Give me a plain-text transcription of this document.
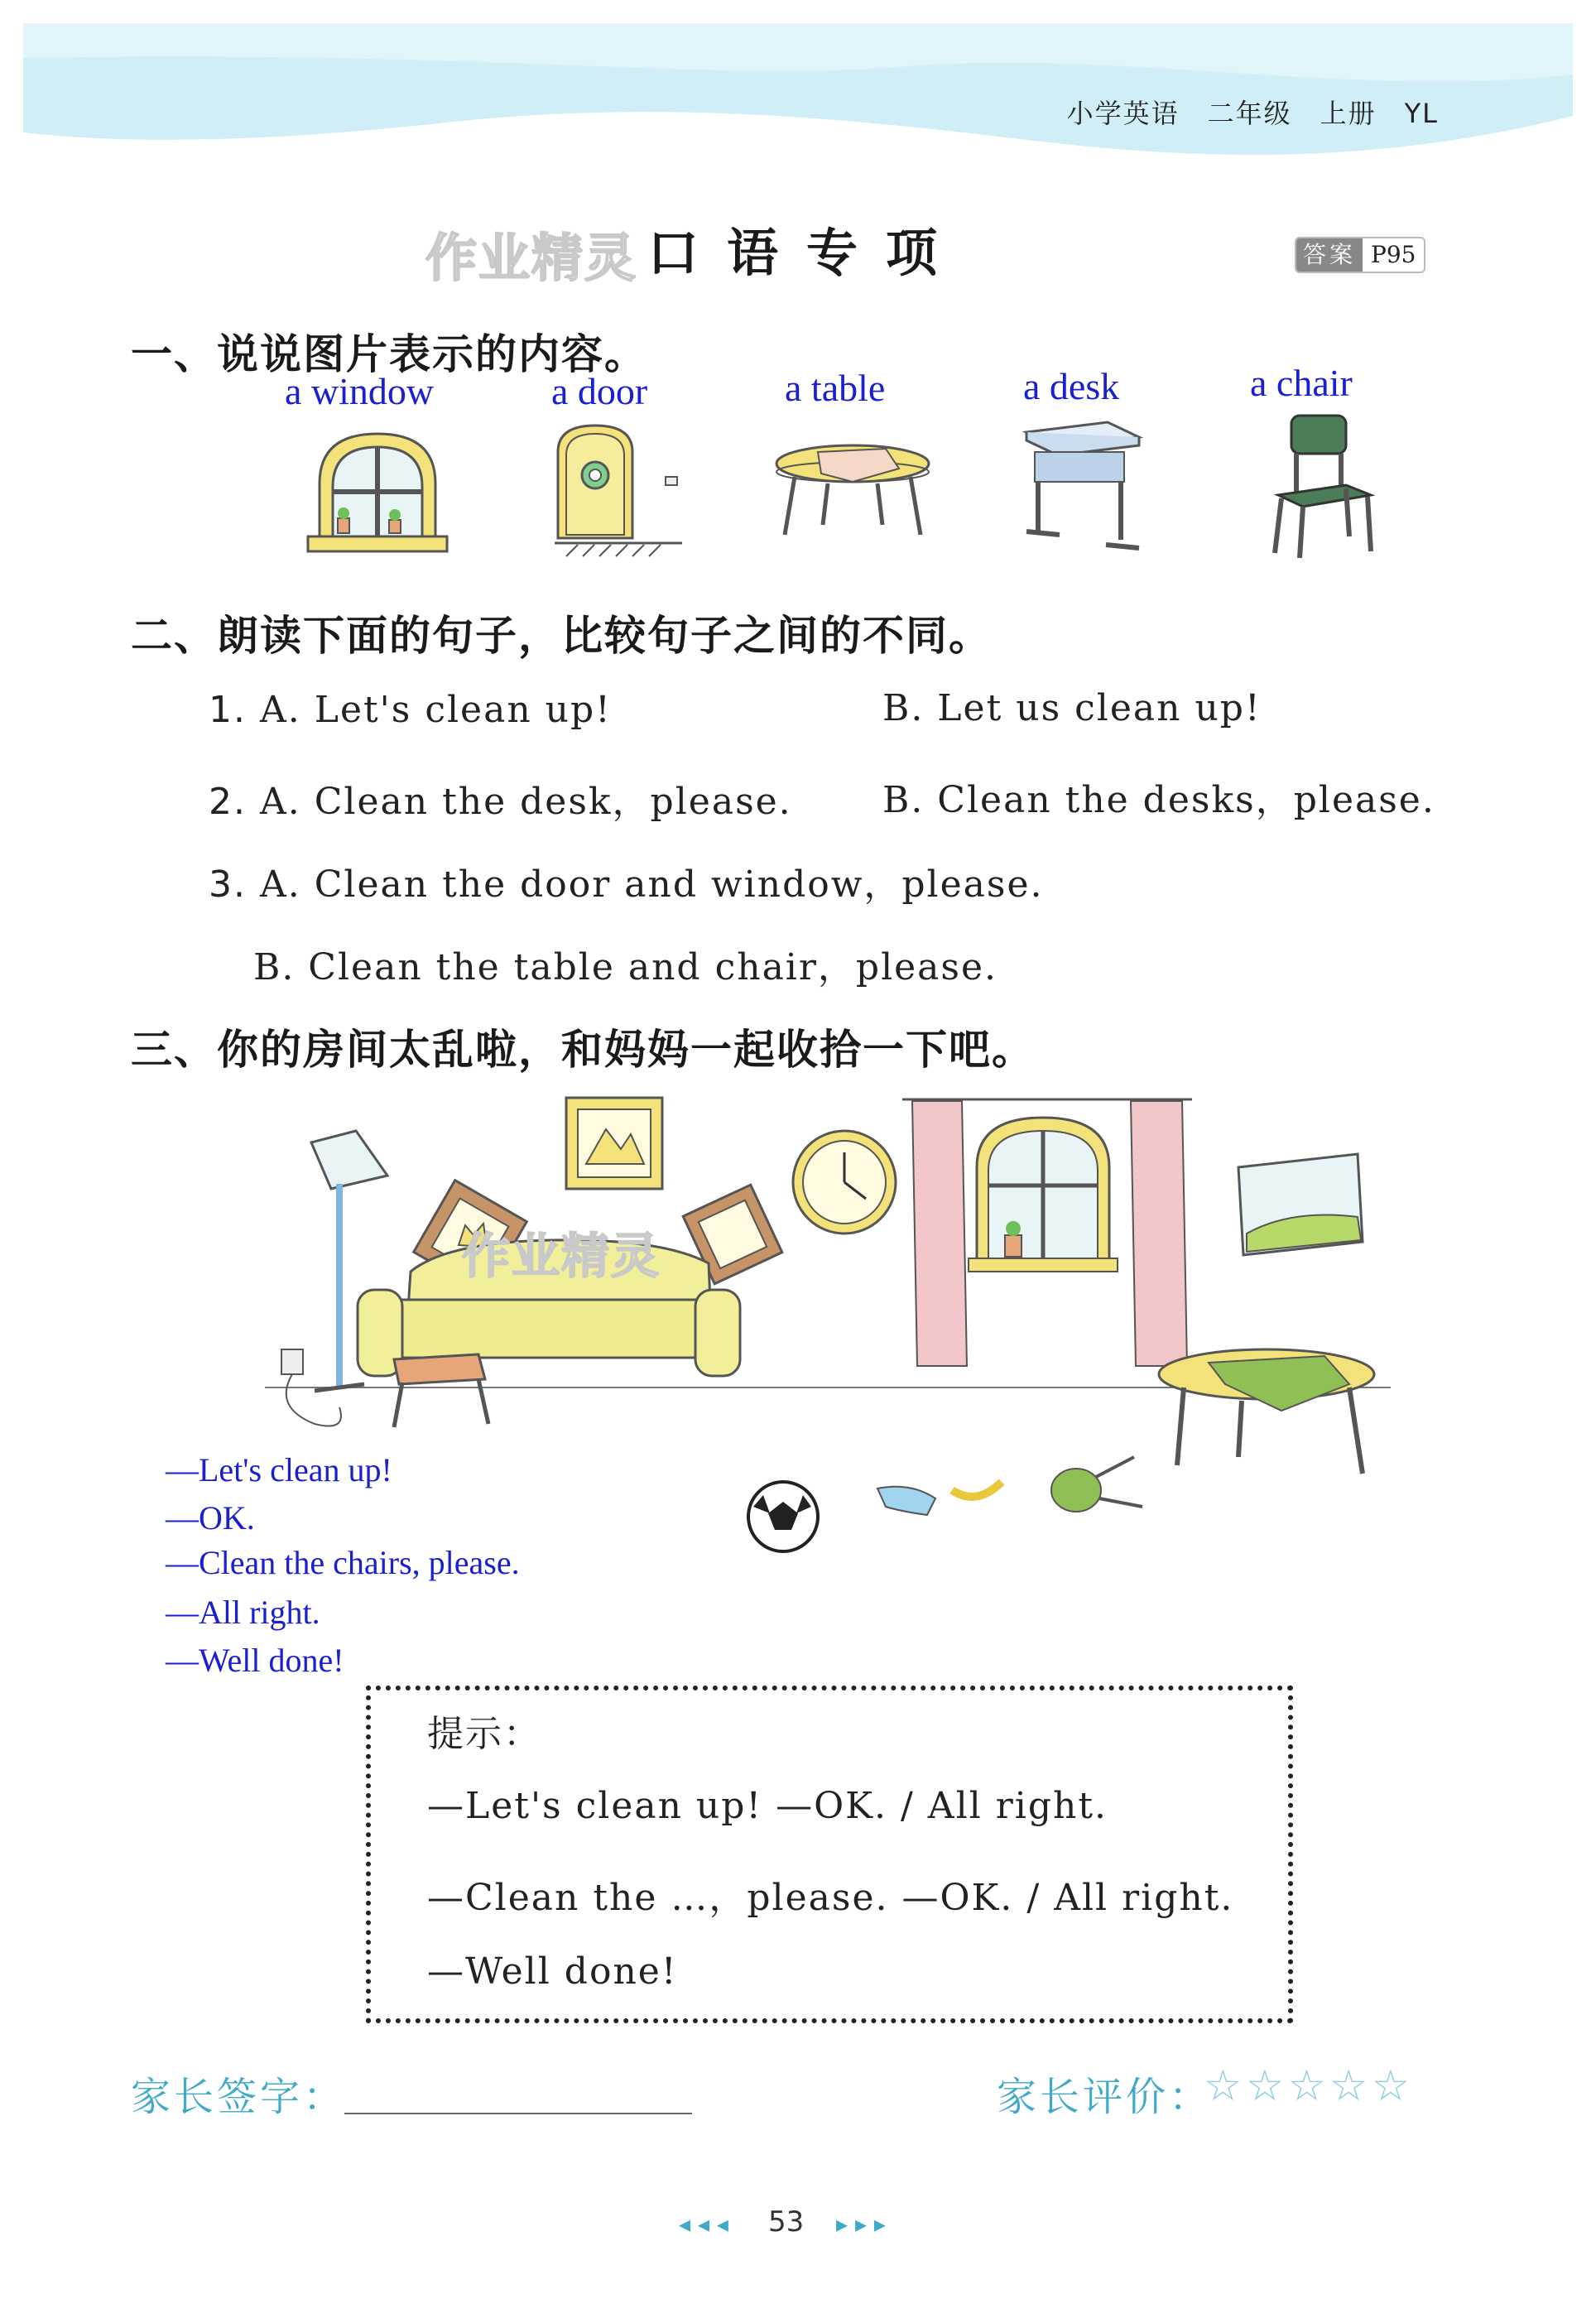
小学英语 二年级 上册 YL
作业精灵 口语专项	答案 P95
一、说说图片表示的内容。
a window	a door	a table	a desk	a chair
二、朗读下面的句子，比较句子之间的不同。
1. A. Let's clean up!	B. Let us clean up!
2. A. Clean the desk，please. B. Clean the desks，please.
3. A. Clean the door and window，please.
B. Clean the table and chair，please.
三、你的房间太乱啦，和妈妈一起收拾一下吧。
作业精灵
—Let's clean up!
—OK.
—Clean the chairs, please.
—All right.
—Well done!
提示：
—Let's clean up! —OK. / All right.
—Clean the …，please. —OK. / All right.
—Well done!
家长签字：	家长评价：
☆☆☆☆☆
◂ ◂ ◂ 53 ▸ ▸ ▸
